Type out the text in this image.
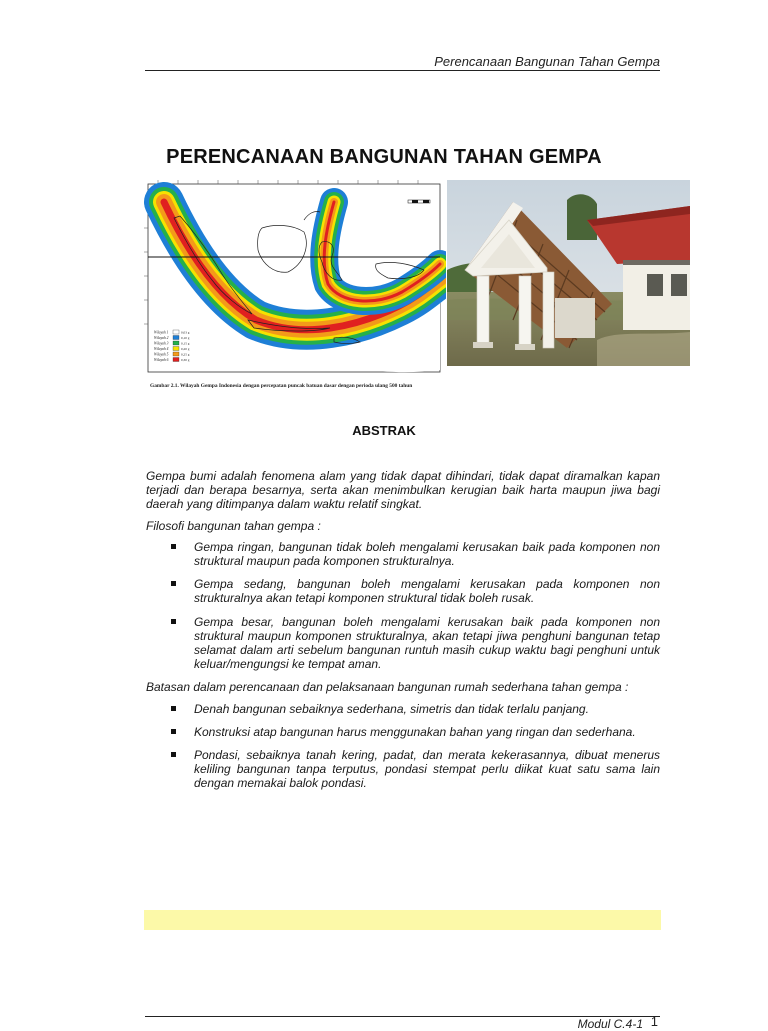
Perencanaan Bangunan Tahan Gempa
PERENCANAAN BANGUNAN TAHAN GEMPA
Wilayah 1	0,03 g
Wilayah 2	0,10 g
Wilayah 3	0,15 g
Wilayah 4	0,20 g
Wilayah 5	0,25 g
Wilayah 6	0,30 g
Gambar 2.1. Wilayah Gempa Indonesia dengan percepatan puncak batuan dasar dengan perioda ulang 500 tahun
ABSTRAK

Gempa bumi adalah fenomena alam yang tidak dapat dihindari, tidak dapat diramalkan kapan terjadi dan berapa besarnya, serta akan menimbulkan kerugian baik harta maupun jiwa bagi daerah yang ditimpanya dalam waktu relatif singkat.

Filosofi bangunan tahan gempa :

Gempa ringan, bangunan tidak boleh mengalami kerusakan baik pada komponen non struktural maupun pada komponen strukturalnya.
Gempa sedang, bangunan boleh mengalami kerusakan pada komponen non strukturalnya akan tetapi komponen struktural tidak boleh rusak.
Gempa besar, bangunan boleh mengalami kerusakan baik pada komponen non struktural maupun komponen strukturalnya, akan tetapi jiwa penghuni bangunan tetap selamat dalam arti sebelum bangunan runtuh masih cukup waktu bagi penghuni untuk keluar/mengungsi ke tempat aman.

Batasan dalam perencanaan dan pelaksanaan bangunan rumah sederhana tahan gempa :

Denah bangunan sebaiknya sederhana, simetris dan tidak terlalu panjang.
Konstruksi atap bangunan harus menggunakan bahan yang ringan dan sederhana.
Pondasi, sebaiknya tanah kering, padat, dan merata kekerasannya, dibuat menerus keliling bangunan tanpa terputus, pondasi stempat perlu diikat kuat satu sama lain dengan memakai balok pondasi.
Modul C.4-1 1
